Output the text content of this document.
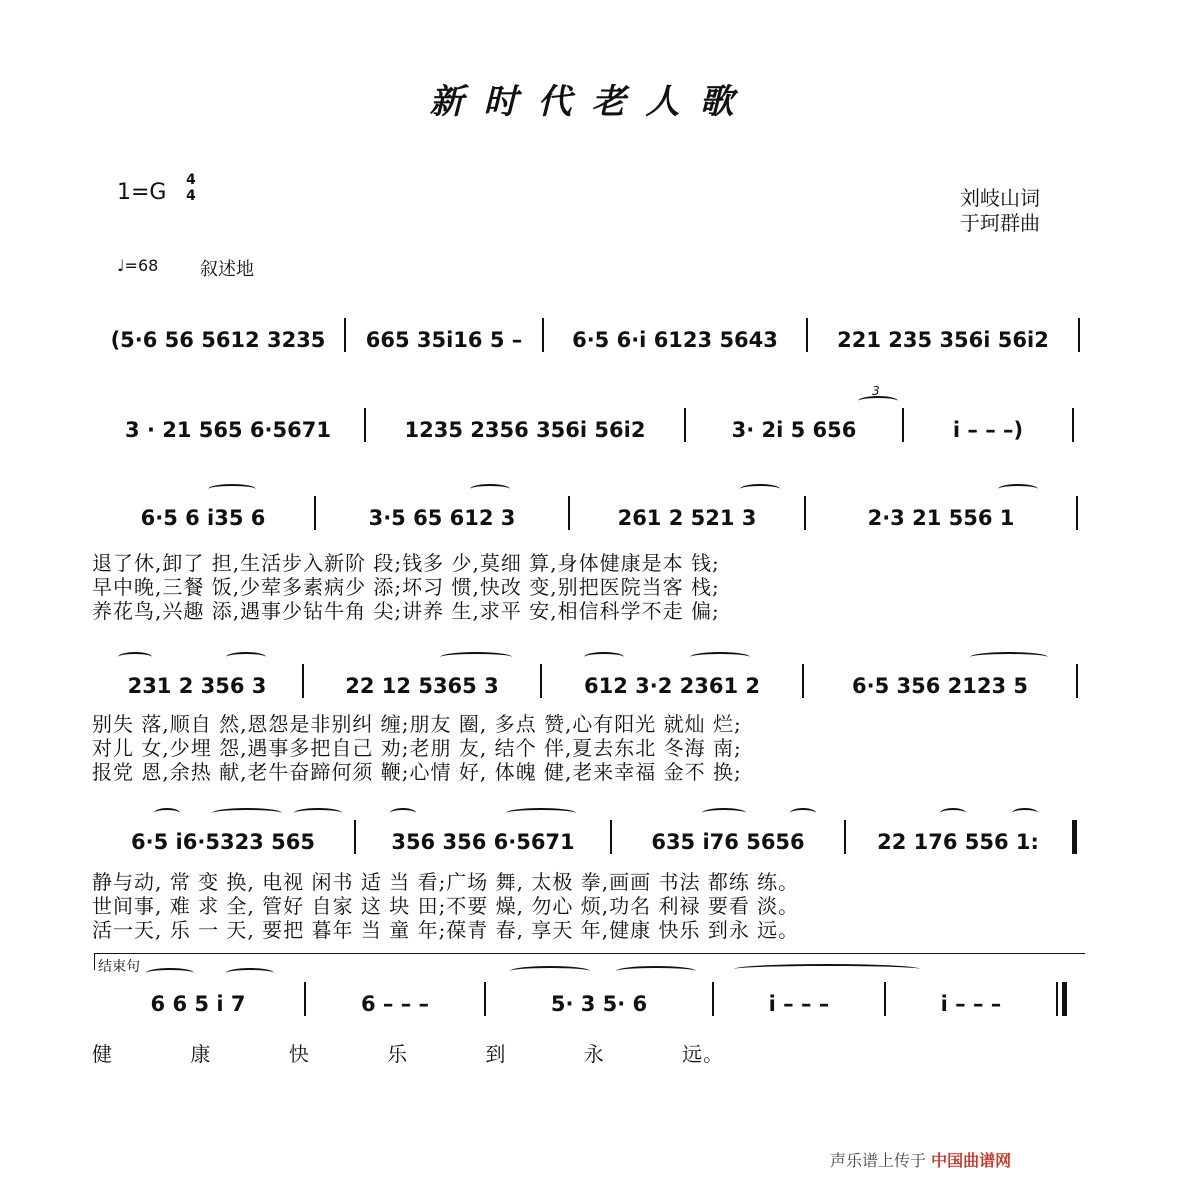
新时代老人歌
1=G 4
4	刘岐山词
于珂群曲
♩=68 叙述地
(5·6 56 5612 3235	665 35i16 5 –	6·5 6·i 6123 5643	221 235 356i 56i2
3
3 · 21 565 6·5671	1235 2356 356i 56i2	3· 2i 5 656	i – – –)
6·5 6 i35 6	3·5 65 612 3	261 2 521 3	2·3 21 556 1
退了休,卸了 担,生活步入新阶 段;钱多 少,莫细 算,身体健康是本 钱;
早中晚,三餐 饭,少荤多素病少 添;坏习 惯,快改 变,别把医院当客 栈;
养花鸟,兴趣 添,遇事少钻牛角 尖;讲养 生,求平 安,相信科学不走 偏;
231 2 356 3	22 12 5365 3	612 3·2 2361 2	6·5 356 2123 5
别失 落,顺自 然,恩怨是非别纠 缠;朋友 圈, 多点 赞,心有阳光 就灿 烂;
对儿 女,少埋 怨,遇事多把自己 劝;老朋 友, 结个 伴,夏去东北 冬海 南;
报党 恩,余热 献,老牛奋蹄何须 鞭;心情 好, 体魄 健,老来幸福 金不 换;
6·5 i6·5323 565	356 356 6·5671	635 i76 5656	22 176 556 1:
静与动, 常 变 换, 电视 闲书 适 当 看;广场 舞, 太极 拳,画画 书法 都练 练。
世间事, 难 求 全, 管好 自家 这 块 田;不要 燥, 勿心 烦,功名 利禄 要看 淡。
活一天, 乐 一 天, 要把 暮年 当 童 年;葆青 春, 享天 年,健康 快乐 到永 远。
结束句
6 6 5 i 7	6 – – –	5· 3 5· 6	i – – –	i – – –
健 康 快 乐 到 永 远。
声乐谱上传于 中国曲谱网
